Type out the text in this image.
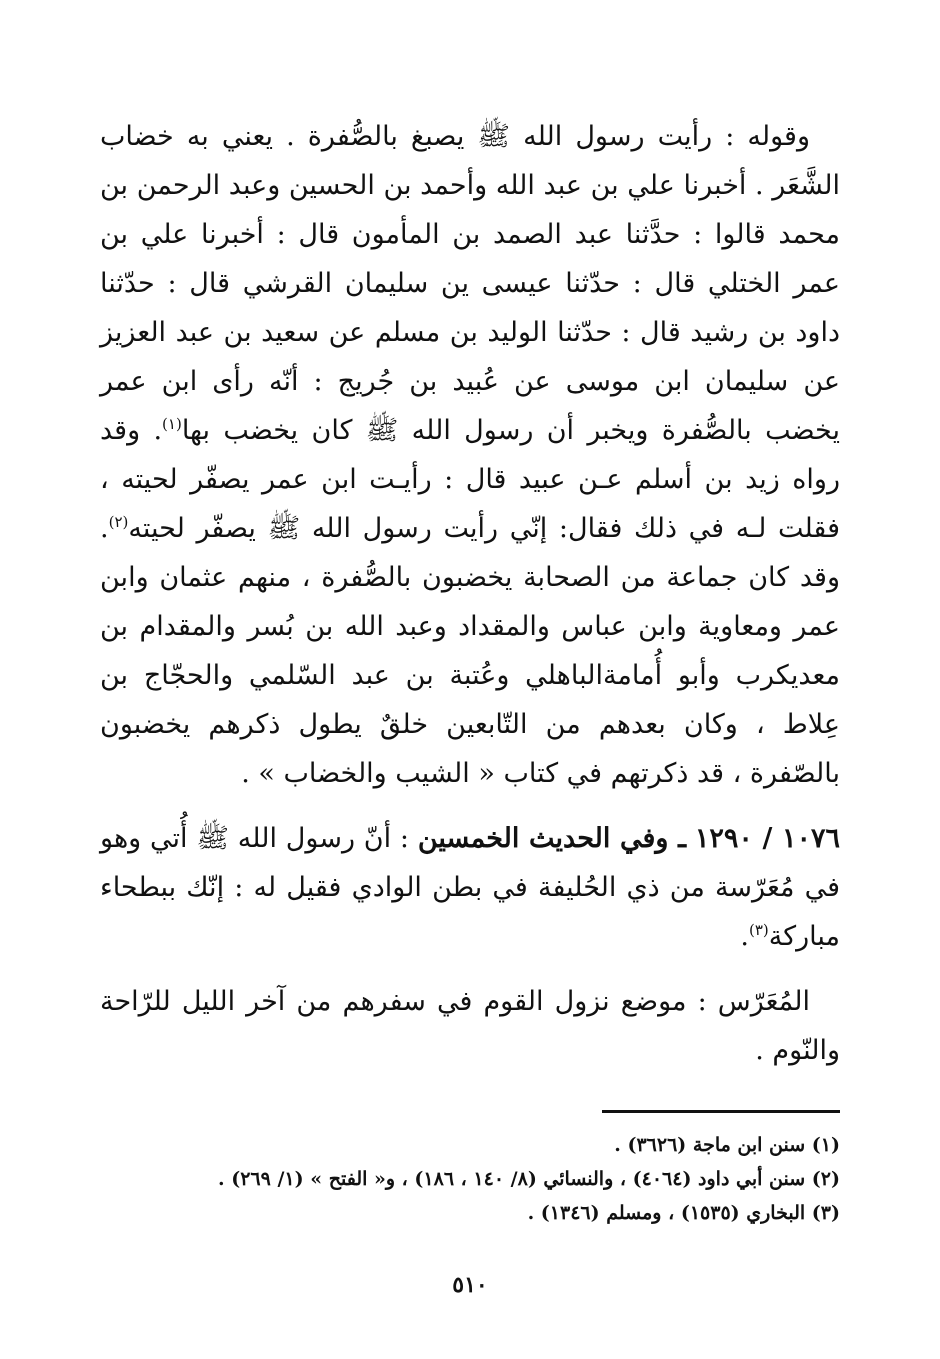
وقوله : رأيت رسول الله ﷺ يصبغ بالصُّفرة . يعني به خضاب الشَّعَر . أخبرنا علي بن عبد الله وأحمد بن الحسين وعبد الرحمن بن محمد قالوا : حدَّثنا عبد الصمد بن المأمون قال : أخبرنا علي بن عمر الختلي قال : حدّثنا عيسى ين سليمان القرشي قال : حدّثنا داود بن رشيد قال : حدّثنا الوليد بن مسلم عن سعيد بن عبد العزيز عن سليمان ابن موسى عن عُبيد بن جُريج : أنّه رأى ابن عمر يخضب بالصُّفرة ويخبر أن رسول الله ﷺ كان يخضب بها$^{(١)}$. وقد رواه زيد بن أسلم عـن عبيد قال : رأيـت ابن عمر يصفّر لحيته ، فقلت لـه في ذلك فقال: إنّي رأيت رسول الله ﷺ يصفّر لحيته$^{(٢)}$. وقد كان جماعة من الصحابة يخضبون بالصُّفرة ، منهم عثمان وابن عمر ومعاوية وابن عباس والمقداد وعبد الله بن بُسر والمقدام بن معديكرب وأبو أُمامةالباهلي وعُتبة بن عبد السّلمي والحجّاج بن عِلاط ، وكان بعدهم من التّابعين خلقٌ يطول ذكرهم يخضبون بالصّفرة ، قد ذكرتهم في كتاب « الشيب والخضاب » .

١٠٧٦ / ١٢٩٠ ـ وفي الحديث الخمسين : أنّ رسول الله ﷺ أُتي وهو في مُعَرّسة من ذي الحُليفة في بطن الوادي فقيل له : إنّك ببطحاء مباركة$^{(٣)}$.

المُعَرّس : موضع نزول القوم في سفرهم من آخر الليل للرّاحة والنّوم .

(١) سنن ابن ماجة (٣٦٢٦) .

(٢) سنن أبي داود (٤٠٦٤) ، والنسائي (٨/ ١٤٠ ، ١٨٦) ، و« الفتح » (١/ ٢٦٩) .

(٣) البخاري (١٥٣٥) ، ومسلم (١٣٤٦) .

٥١٠
